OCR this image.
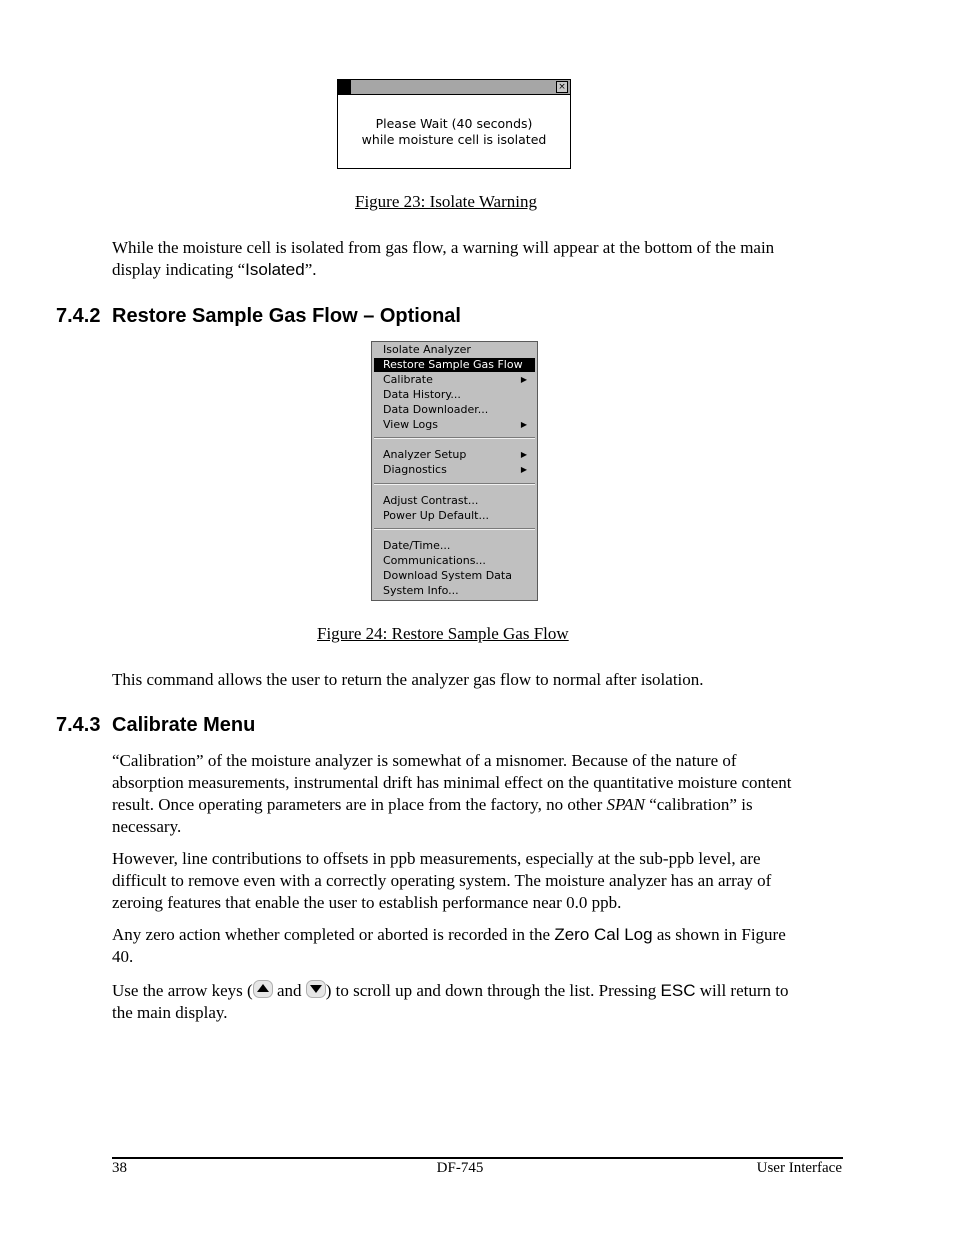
×
Please Wait (40 seconds)
while moisture cell is isolated
Figure 23: Isolate Warning
While the moisture cell is isolated from gas flow, a warning will appear at the bottom of the main display indicating “Isolated”.
7.4.2 Restore Sample Gas Flow – Optional
Isolate Analyzer
Restore Sample Gas Flow
Calibrate	▶
Data History...
Data Downloader...
View Logs	▶
Analyzer Setup	▶
Diagnostics	▶
Adjust Contrast...
Power Up Default...
Date/Time...
Communications...
Download System Data
System Info...
Figure 24: Restore Sample Gas Flow
This command allows the user to return the analyzer gas flow to normal after isolation.
7.4.3 Calibrate Menu
“Calibration” of the moisture analyzer is somewhat of a misnomer. Because of the nature of absorption measurements, instrumental drift has minimal effect on the quantitative moisture content result. Once operating parameters are in place from the factory, no other SPAN “calibration” is necessary.
However, line contributions to offsets in ppb measurements, especially at the sub-ppb level, are difficult to remove even with a correctly operating system. The moisture analyzer has an array of zeroing features that enable the user to establish performance near 0.0 ppb.
Any zero action whether completed or aborted is recorded in the Zero Cal Log as shown in Figure 40.
Use the arrow keys ( and ) to scroll up and down through the list. Pressing ESC will return to the main display.
38	DF-745	User Interface
